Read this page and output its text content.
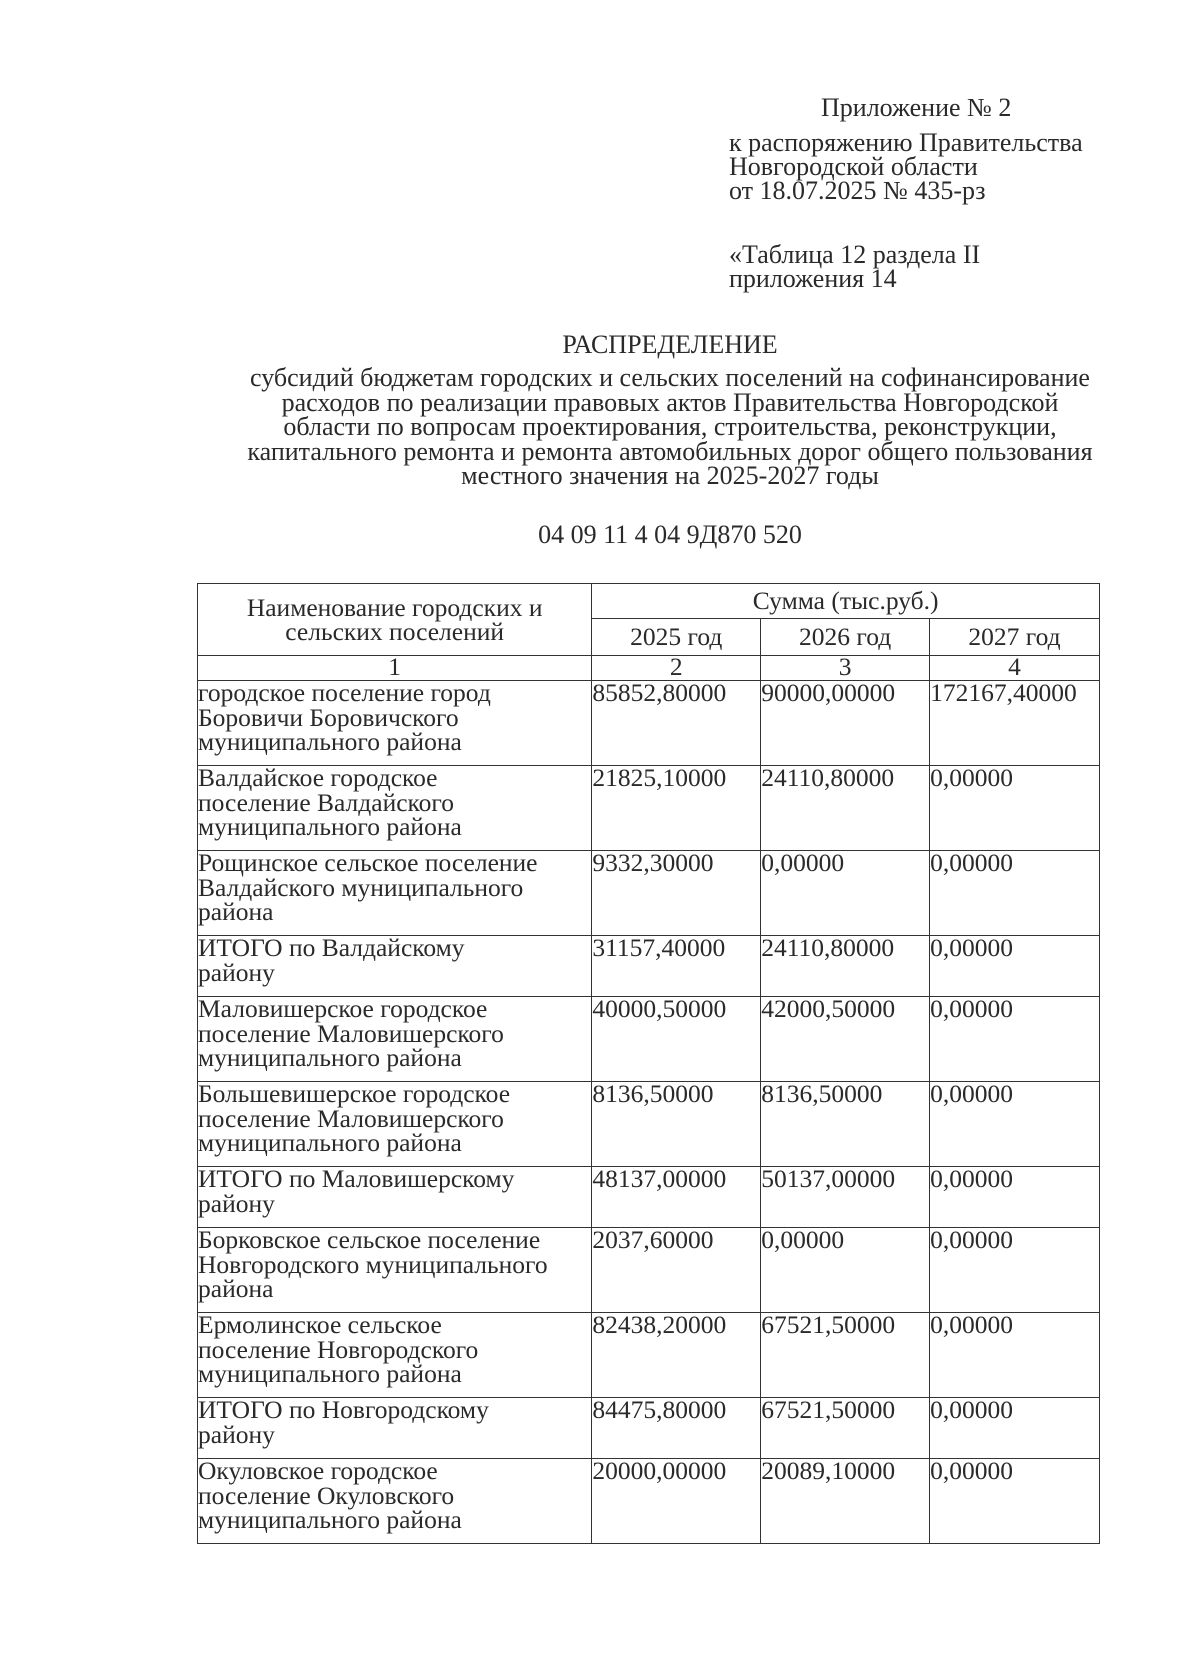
Приложение № 2
к распоряжению Правительства
Новгородской области
от 18.07.2025 № 435-рз
«Таблица 12 раздела II
приложения 14
РАСПРЕДЕЛЕНИЕ
субсидий бюджетам городских и сельских поселений на софинансирование
расходов по реализации правовых актов Правительства Новгородской
области по вопросам проектирования, строительства, реконструкции,
капитального ремонта и ремонта автомобильных дорог общего пользования
местного значения на 2025-2027 годы
04 09 11 4 04 9Д870 520
Наименование городских и
сельских поселений	Сумма (тыс.руб.)		
	2025 год	2026 год	2027 год
1	2	3	4

городское поселение город
Боровичи Боровичского
муниципального района	85852,80000	90000,00000	172167,40000

Валдайское городское
поселение Валдайского
муниципального района	21825,10000	24110,80000	0,00000

Рощинское сельское поселение
Валдайского муниципального
района	9332,30000	0,00000	0,00000

ИТОГО по Валдайскому
району	31157,40000	24110,80000	0,00000

Маловишерское городское
поселение Маловишерского
муниципального района	40000,50000	42000,50000	0,00000

Большевишерское городское
поселение Маловишерского
муниципального района	8136,50000	8136,50000	0,00000

ИТОГО по Маловишерскому
району	48137,00000	50137,00000	0,00000

Борковское сельское поселение
Новгородского муниципального
района	2037,60000	0,00000	0,00000

Ермолинское сельское
поселение Новгородского
муниципального района	82438,20000	67521,50000	0,00000

ИТОГО по Новгородскому
району	84475,80000	67521,50000	0,00000

Окуловское городское
поселение Окуловского
муниципального района	20000,00000	20089,10000	0,00000
